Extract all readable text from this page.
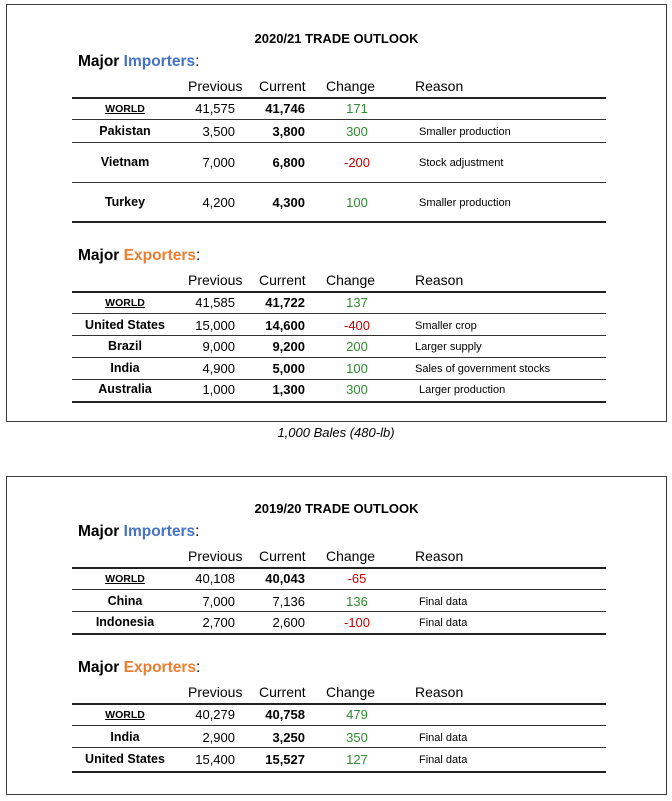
2020/21 TRADE OUTLOOK
Major Importers:
Previous Current Change	Reason
WORLD	41,575	41,746	171
Pakistan	3,500	3,800	300	Smaller production
Vietnam	7,000	6,800	-200	Stock adjustment
Turkey	4,200	4,300	100	Smaller production
Major Exporters:
Previous Current Change	Reason
WORLD	41,585	41,722	137
United States	15,000	14,600	-400	Smaller crop
Brazil	9,000	9,200	200	Larger supply
India	4,900	5,000	100	Sales of government stocks
Australia	1,000	1,300	300	Larger production
1,000 Bales (480-lb)
2019/20 TRADE OUTLOOK
Major Importers:
Previous Current Change	Reason
WORLD	40,108	40,043	-65
China	7,000	7,136	136	Final data
Indonesia	2,700	2,600	-100	Final data
Major Exporters:
Previous Current Change	Reason
WORLD	40,279	40,758	479
India	2,900	3,250	350	Final data
United States	15,400	15,527	127	Final data
